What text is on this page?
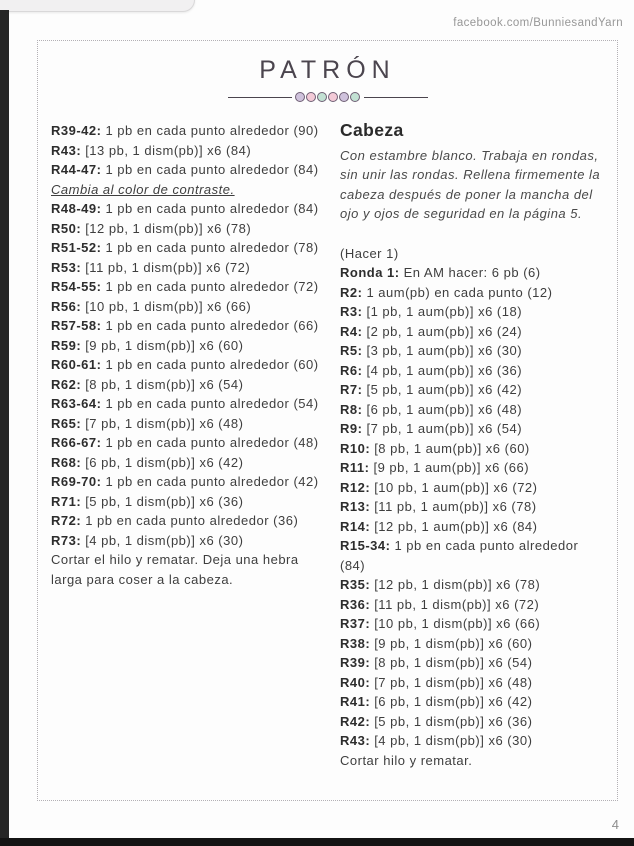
facebook.com/BunniesandYarn
PATRÓN

R39-42: 1 pb en cada punto alrededor (90)

R43: [13 pb, 1 dism(pb)] x6 (84)

R44-47: 1 pb en cada punto alrededor (84)

Cambia al color de contraste.

R48-49: 1 pb en cada punto alrededor (84)

R50: [12 pb, 1 dism(pb)] x6 (78)

R51-52: 1 pb en cada punto alrededor (78)

R53: [11 pb, 1 dism(pb)] x6 (72)

R54-55: 1 pb en cada punto alrededor (72)

R56: [10 pb, 1 dism(pb)] x6 (66)

R57-58: 1 pb en cada punto alrededor (66)

R59: [9 pb, 1 dism(pb)] x6 (60)

R60-61: 1 pb en cada punto alrededor (60)

R62: [8 pb, 1 dism(pb)] x6 (54)

R63-64: 1 pb en cada punto alrededor (54)

R65: [7 pb, 1 dism(pb)] x6 (48)

R66-67: 1 pb en cada punto alrededor (48)

R68: [6 pb, 1 dism(pb)] x6 (42)

R69-70: 1 pb en cada punto alrededor (42)

R71: [5 pb, 1 dism(pb)] x6 (36)

R72: 1 pb en cada punto alrededor (36)

R73: [4 pb, 1 dism(pb)] x6 (30)

Cortar el hilo y rematar. Deja una hebra larga para coser a la cabeza.

Cabeza

Con estambre blanco. Trabaja en rondas, sin unir las rondas. Rellena firmemente la cabeza después de poner la mancha del ojo y ojos de seguridad en la página 5.

(Hacer 1)

Ronda 1: En AM hacer: 6 pb (6)

R2: 1 aum(pb) en cada punto (12)

R3: [1 pb, 1 aum(pb)] x6 (18)

R4: [2 pb, 1 aum(pb)] x6 (24)

R5: [3 pb, 1 aum(pb)] x6 (30)

R6: [4 pb, 1 aum(pb)] x6 (36)

R7: [5 pb, 1 aum(pb)] x6 (42)

R8: [6 pb, 1 aum(pb)] x6 (48)

R9: [7 pb, 1 aum(pb)] x6 (54)

R10: [8 pb, 1 aum(pb)] x6 (60)

R11: [9 pb, 1 aum(pb)] x6 (66)

R12: [10 pb, 1 aum(pb)] x6 (72)

R13: [11 pb, 1 aum(pb)] x6 (78)

R14: [12 pb, 1 aum(pb)] x6 (84)

R15-34: 1 pb en cada punto alrededor (84)

R35: [12 pb, 1 dism(pb)] x6 (78)

R36: [11 pb, 1 dism(pb)] x6 (72)

R37: [10 pb, 1 dism(pb)] x6 (66)

R38: [9 pb, 1 dism(pb)] x6 (60)

R39: [8 pb, 1 dism(pb)] x6 (54)

R40: [7 pb, 1 dism(pb)] x6 (48)

R41: [6 pb, 1 dism(pb)] x6 (42)

R42: [5 pb, 1 dism(pb)] x6 (36)

R43: [4 pb, 1 dism(pb)] x6 (30)

Cortar hilo y rematar.

4
